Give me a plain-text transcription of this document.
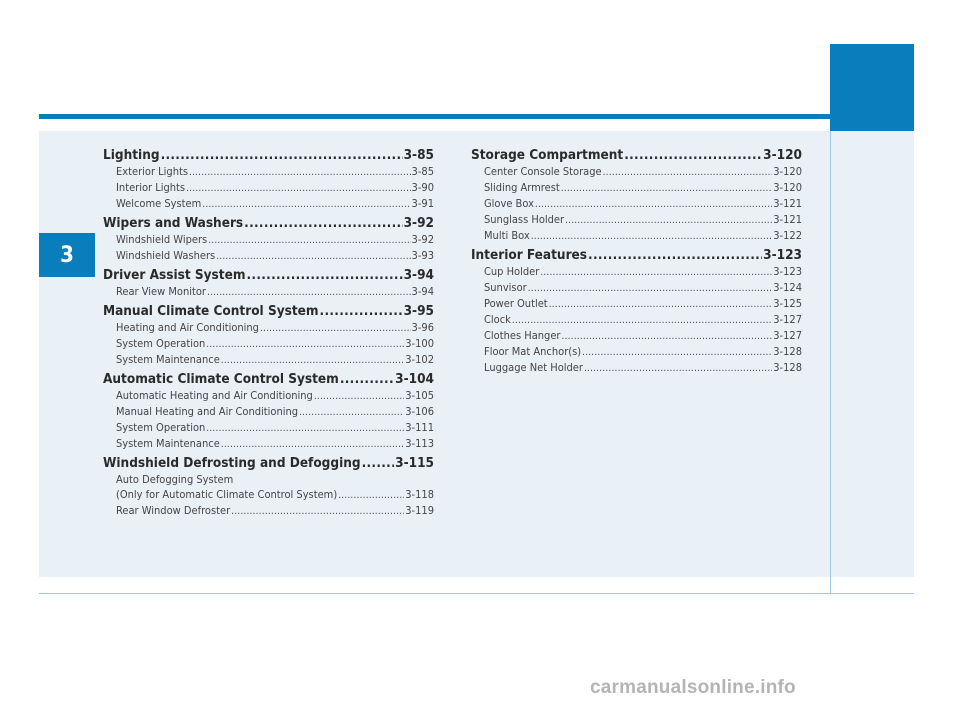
3
Lighting .....	3-85
Exterior Lights .....	3-85
Interior Lights .....	3-90
Welcome System .....	3-91
Wipers and Washers .....	3-92
Windshield Wipers .....	3-92
Windshield Washers .....	3-93
Driver Assist System .....	3-94
Rear View Monitor .....	3-94
Manual Climate Control System .....	3-95
Heating and Air Conditioning .....	3-96
System Operation .....	3-100
System Maintenance .....	3-102
Automatic Climate Control System .....	3-104
Automatic Heating and Air Conditioning .....	3-105
Manual Heating and Air Conditioning .....	3-106
System Operation .....	3-111
System Maintenance .....	3-113
Windshield Defrosting and Defogging .....	3-115
Auto Defogging System
(Only for Automatic Climate Control System) .....	3-118
Rear Window Defroster .....	3-119
Storage Compartment .....	3-120
Center Console Storage .....	3-120
Sliding Armrest .....	3-120
Glove Box .....	3-121
Sunglass Holder .....	3-121
Multi Box .....	3-122
Interior Features .....	3-123
Cup Holder .....	3-123
Sunvisor .....	3-124
Power Outlet .....	3-125
Clock .....	3-127
Clothes Hanger .....	3-127
Floor Mat Anchor(s) .....	3-128
Luggage Net Holder .....	3-128
carmanualsonline.info
